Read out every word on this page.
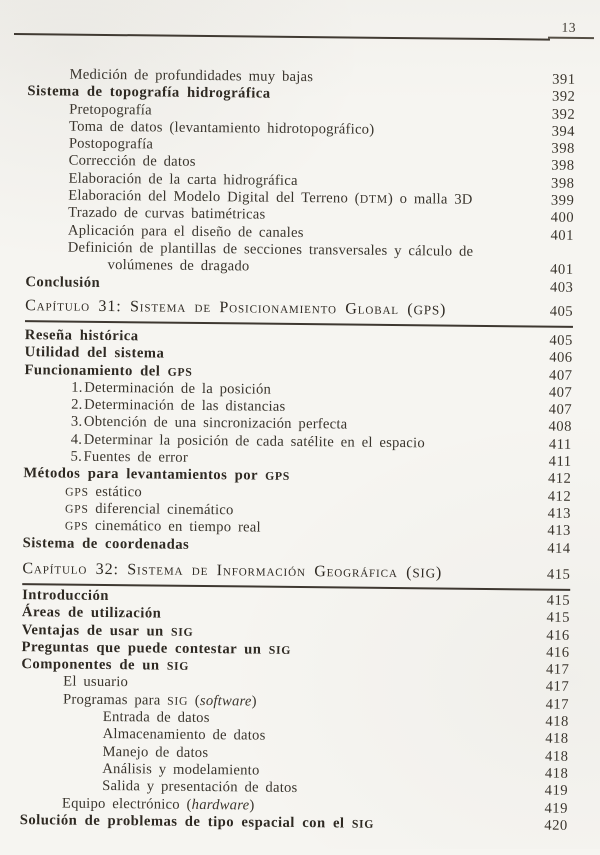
13
Medición de profundidades muy bajas	391
Sistema de topografía hidrográfica	392
Pretopografía	392
Toma de datos (levantamiento hidrotopográfico)	394
Postopografía	398
Corrección de datos	398
Elaboración de la carta hidrográfica	398
Elaboración del Modelo Digital del Terreno (DTM) o malla 3D	399
Trazado de curvas batimétricas	400
Aplicación para el diseño de canales	401
Definición de plantillas de secciones transversales y cálculo de
volúmenes de dragado	401
Conclusión	403
Capítulo 31: Sistema de Posicionamiento Global (GPS)	405
Reseña histórica	405
Utilidad del sistema	406
Funcionamiento del GPS	407
1. Determinación de la posición	407
2. Determinación de las distancias	407
3. Obtención de una sincronización perfecta	408
4. Determinar la posición de cada satélite en el espacio	411
5. Fuentes de error	411
Métodos para levantamientos por GPS	412
GPS estático	412
GPS diferencial cinemático	413
GPS cinemático en tiempo real	413
Sistema de coordenadas	414
Capítulo 32: Sistema de Información Geográfica (SIG)	415
Introducción	415
Áreas de utilización	415
Ventajas de usar un SIG	416
Preguntas que puede contestar un SIG	416
Componentes de un SIG	417
El usuario	417
Programas para SIG (software)	417
Entrada de datos	418
Almacenamiento de datos	418
Manejo de datos	418
Análisis y modelamiento	418
Salida y presentación de datos	419
Equipo electrónico (hardware)	419
Solución de problemas de tipo espacial con el SIG	420
